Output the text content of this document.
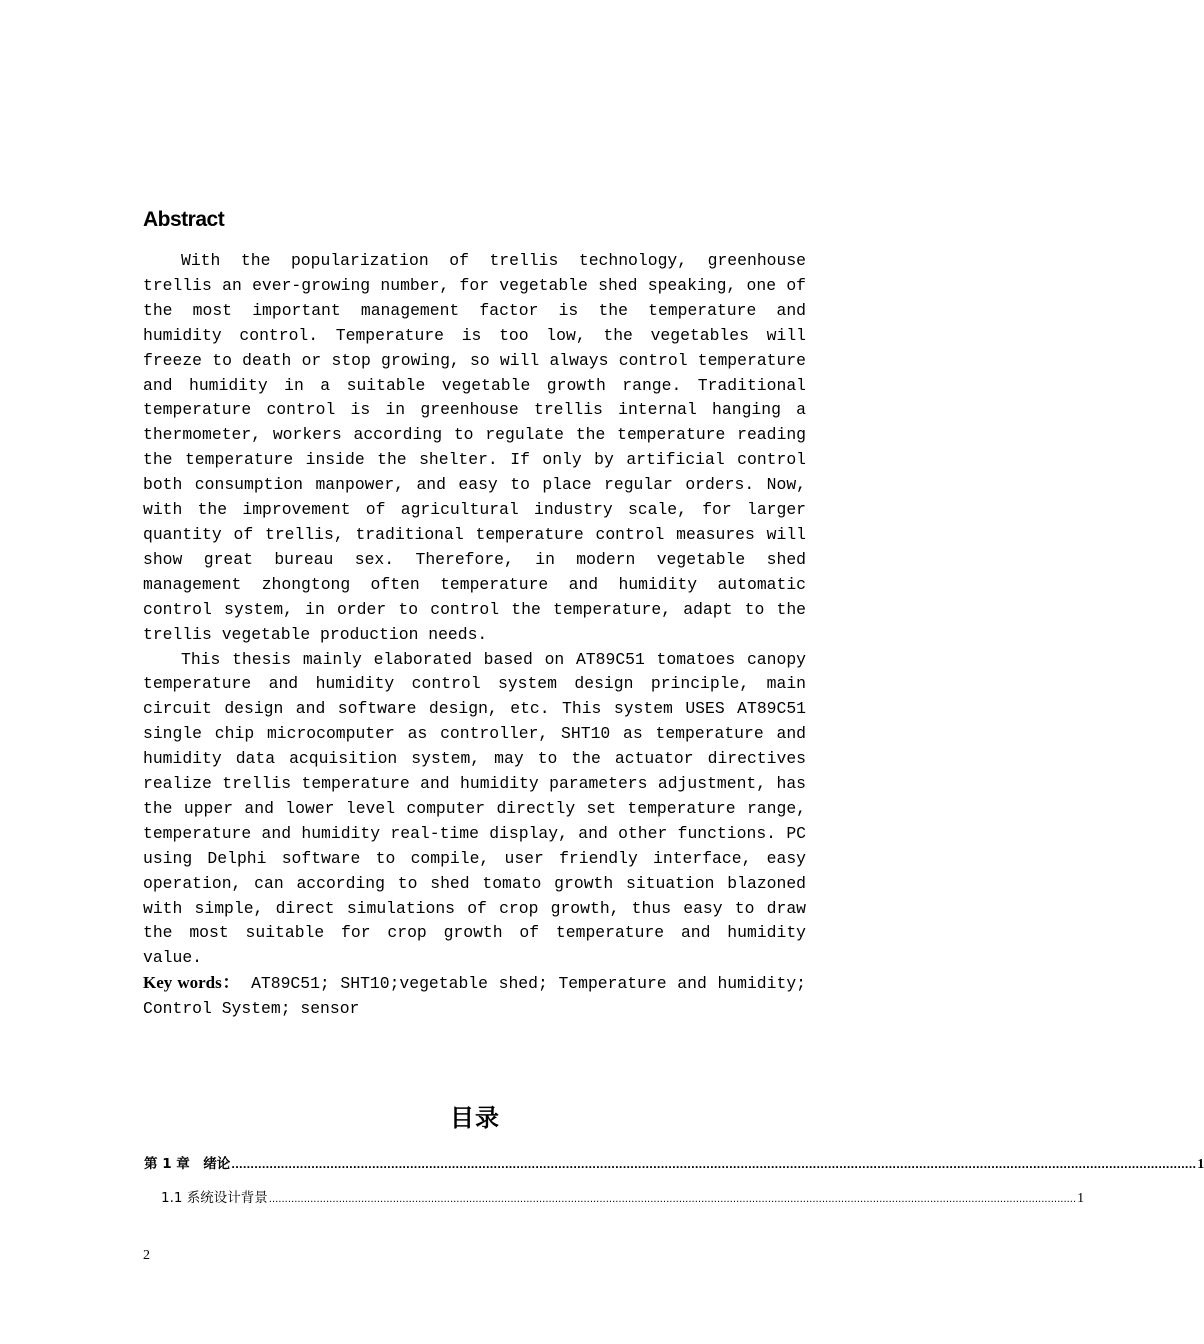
Abstract

With the popularization of trellis technology, greenhouse trellis an ever-growing number, for vegetable shed speaking, one of the most important management factor is the temperature and humidity control. Temperature is too low, the vegetables will freeze to death or stop growing, so will always control temperature and humidity in a suitable vegetable growth range. Traditional temperature control is in greenhouse trellis internal hanging a thermometer, workers according to regulate the temperature reading the temperature inside the shelter. If only by artificial control both consumption manpower, and easy to place regular orders. Now, with the improvement of agricultural industry scale, for larger quantity of trellis, traditional temperature control measures will show great bureau sex. Therefore, in modern vegetable shed management zhongtong often temperature and humidity automatic control system, in order to control the temperature, adapt to the trellis vegetable production needs.

This thesis mainly elaborated based on AT89C51 tomatoes canopy temperature and humidity control system design principle, main circuit design and software design, etc. This system USES AT89C51 single chip microcomputer as controller, SHT10 as temperature and humidity data acquisition system, may to the actuator directives realize trellis temperature and humidity parameters adjustment, has the upper and lower level computer directly set temperature range, temperature and humidity real-time display, and other functions. PC using Delphi software to compile, user friendly interface, easy operation, can according to shed tomato growth situation blazoned with simple, direct simulations of crop growth, thus easy to draw the most suitable for crop growth of temperature and humidity value.

Key words： AT89C51; SHT10;vegetable shed; Temperature and humidity; Control System; sensor
目录
第 1 章　绪论 .............................................................................................................................................................................................................................................................. 1
1.1 系统设计背景 .............................................................................................................................................................................................................................................................. 1
2
